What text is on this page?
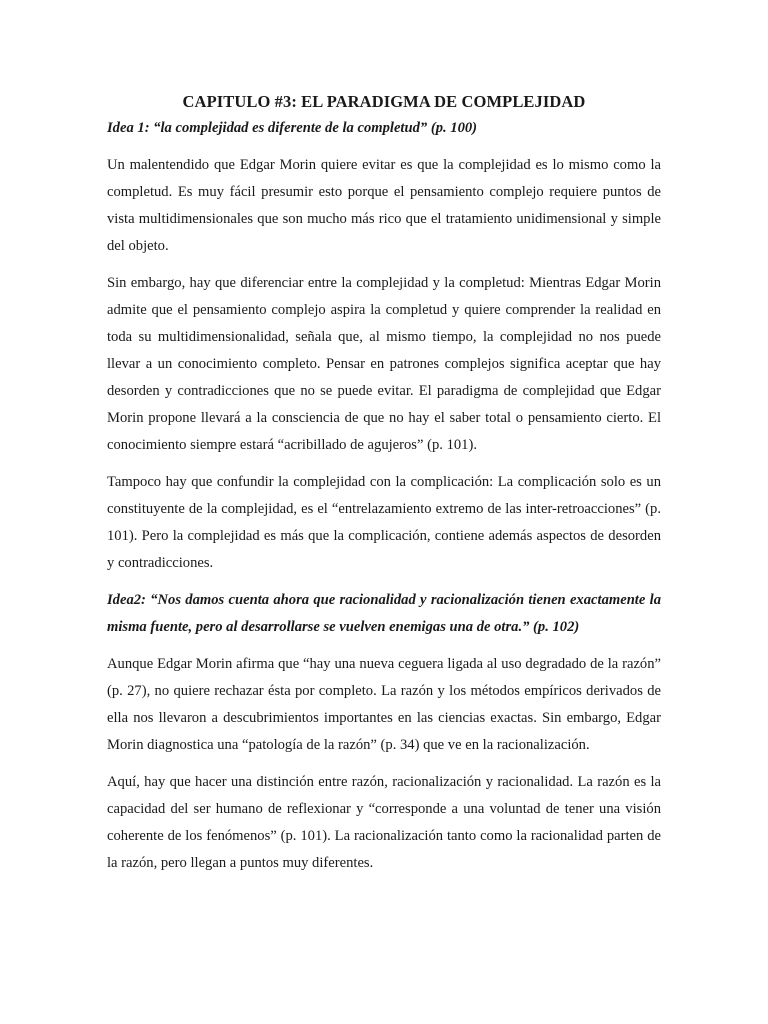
CAPITULO #3: EL PARADIGMA DE COMPLEJIDAD

Idea 1: “la complejidad es diferente de la completud” (p. 100)

Un malentendido que Edgar Morin quiere evitar es que la complejidad es lo mismo como la completud. Es muy fácil presumir esto porque el pensamiento complejo requiere puntos de vista multidimensionales que son mucho más rico que el tratamiento unidimensional y simple del objeto.

Sin embargo, hay que diferenciar entre la complejidad y la completud: Mientras Edgar Morin admite que el pensamiento complejo aspira la completud y quiere comprender la realidad en toda su multidimensionalidad, señala que, al mismo tiempo, la complejidad no nos puede llevar a un conocimiento completo. Pensar en patrones complejos significa aceptar que hay desorden y contradicciones que no se puede evitar. El paradigma de complejidad que Edgar Morin propone llevará a la consciencia de que no hay el saber total o pensamiento cierto. El conocimiento siempre estará “acribillado de agujeros” (p. 101).

Tampoco hay que confundir la complejidad con la complicación: La complicación solo es un constituyente de la complejidad, es el “entrelazamiento extremo de las inter-retroacciones” (p. 101). Pero la complejidad es más que la complicación, contiene además aspectos de desorden y contradicciones.

Idea2: “Nos damos cuenta ahora que racionalidad y racionalización tienen exactamente la misma fuente, pero al desarrollarse se vuelven enemigas una de otra.” (p. 102)

Aunque Edgar Morin afirma que “hay una nueva ceguera ligada al uso degradado de la razón” (p. 27), no quiere rechazar ésta por completo. La razón y los métodos empíricos derivados de ella nos llevaron a descubrimientos importantes en las ciencias exactas. Sin embargo, Edgar Morin diagnostica una “patología de la razón” (p. 34) que ve en la racionalización.

Aquí, hay que hacer una distinción entre razón, racionalización y racionalidad. La razón es la capacidad del ser humano de reflexionar y “corresponde a una voluntad de tener una visión coherente de los fenómenos” (p. 101). La racionalización tanto como la racionalidad parten de la razón, pero llegan a puntos muy diferentes.
